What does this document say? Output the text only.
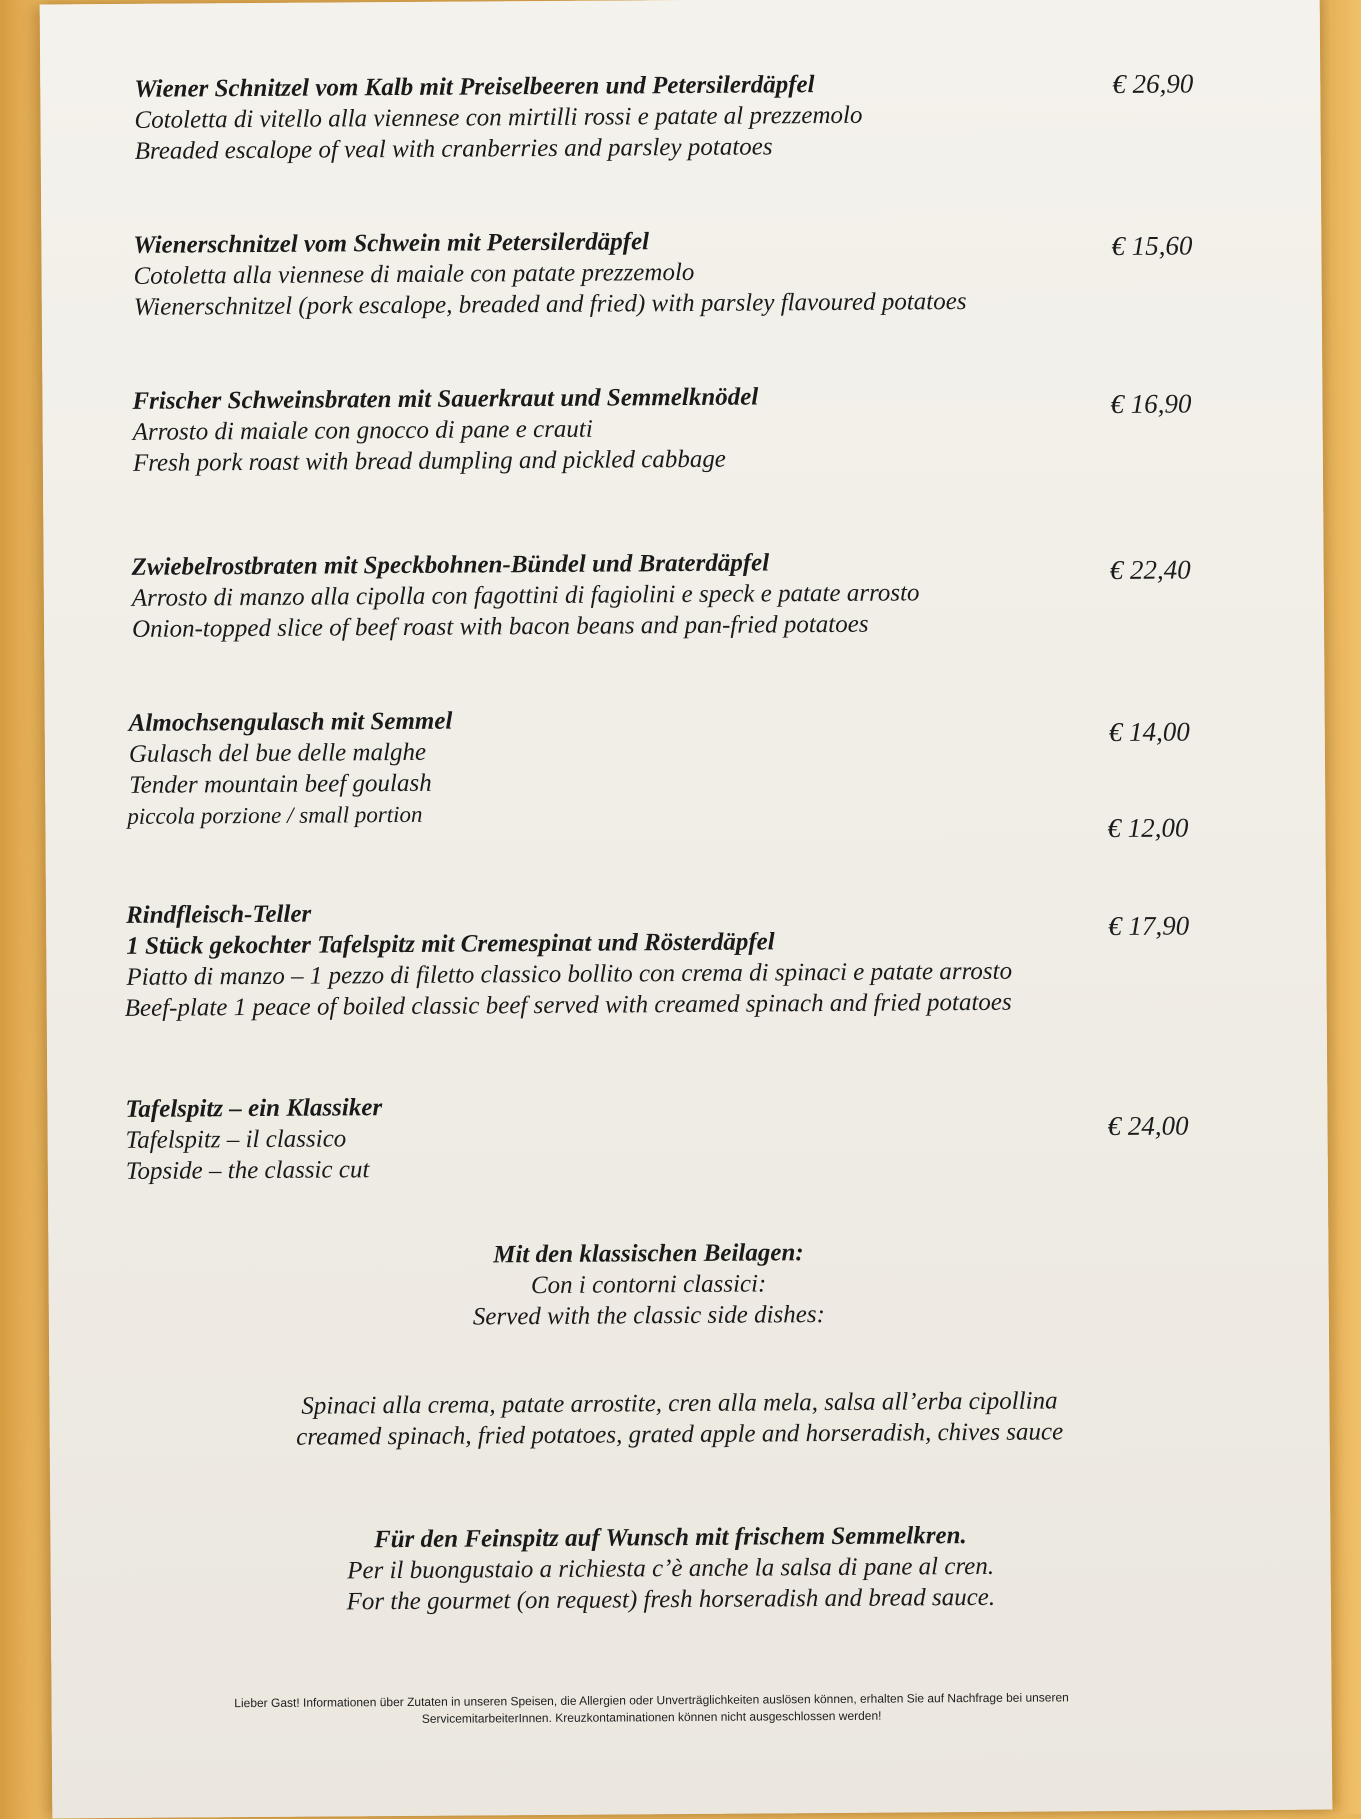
Wiener Schnitzel vom Kalb mit Preiselbeeren und Petersilerdäpfel
Cotoletta di vitello alla viennese con mirtilli rossi e patate al prezzemolo
Breaded escalope of veal with cranberries and parsley potatoes
€ 26,90
Wienerschnitzel vom Schwein mit Petersilerdäpfel
Cotoletta alla viennese di maiale con patate prezzemolo
Wienerschnitzel (pork escalope, breaded and fried) with parsley flavoured potatoes
€ 15,60
Frischer Schweinsbraten mit Sauerkraut und Semmelknödel
Arrosto di maiale con gnocco di pane e crauti
Fresh pork roast with bread dumpling and pickled cabbage
€ 16,90
Zwiebelrostbraten mit Speckbohnen-Bündel und Braterdäpfel
Arrosto di manzo alla cipolla con fagottini di fagiolini e speck e patate arrosto
Onion-topped slice of beef roast with bacon beans and pan-fried potatoes
€ 22,40
Almochsengulasch mit Semmel
Gulasch del bue delle malghe
Tender mountain beef goulash
piccola porzione / small portion
€ 14,00
€ 12,00
Rindfleisch-Teller
1 Stück gekochter Tafelspitz mit Cremespinat und Rösterdäpfel
Piatto di manzo – 1 pezzo di filetto classico bollito con crema di spinaci e patate arrosto
Beef-plate 1 peace of boiled classic beef served with creamed spinach and fried potatoes
€ 17,90
Tafelspitz – ein Klassiker
Tafelspitz – il classico
Topside – the classic cut
€ 24,00
Mit den klassischen Beilagen:
Con i contorni classici:
Served with the classic side dishes:
Spinaci alla crema, patate arrostite, cren alla mela, salsa all’erba cipollina
creamed spinach, fried potatoes, grated apple and horseradish, chives sauce
Für den Feinspitz auf Wunsch mit frischem Semmelkren.
Per il buongustaio a richiesta c’è anche la salsa di pane al cren.
For the gourmet (on request) fresh horseradish and bread sauce.
Lieber Gast! Informationen über Zutaten in unseren Speisen, die Allergien oder Unverträglichkeiten auslösen können, erhalten Sie auf Nachfrage bei unseren
ServicemitarbeiterInnen. Kreuzkontaminationen können nicht ausgeschlossen werden!
